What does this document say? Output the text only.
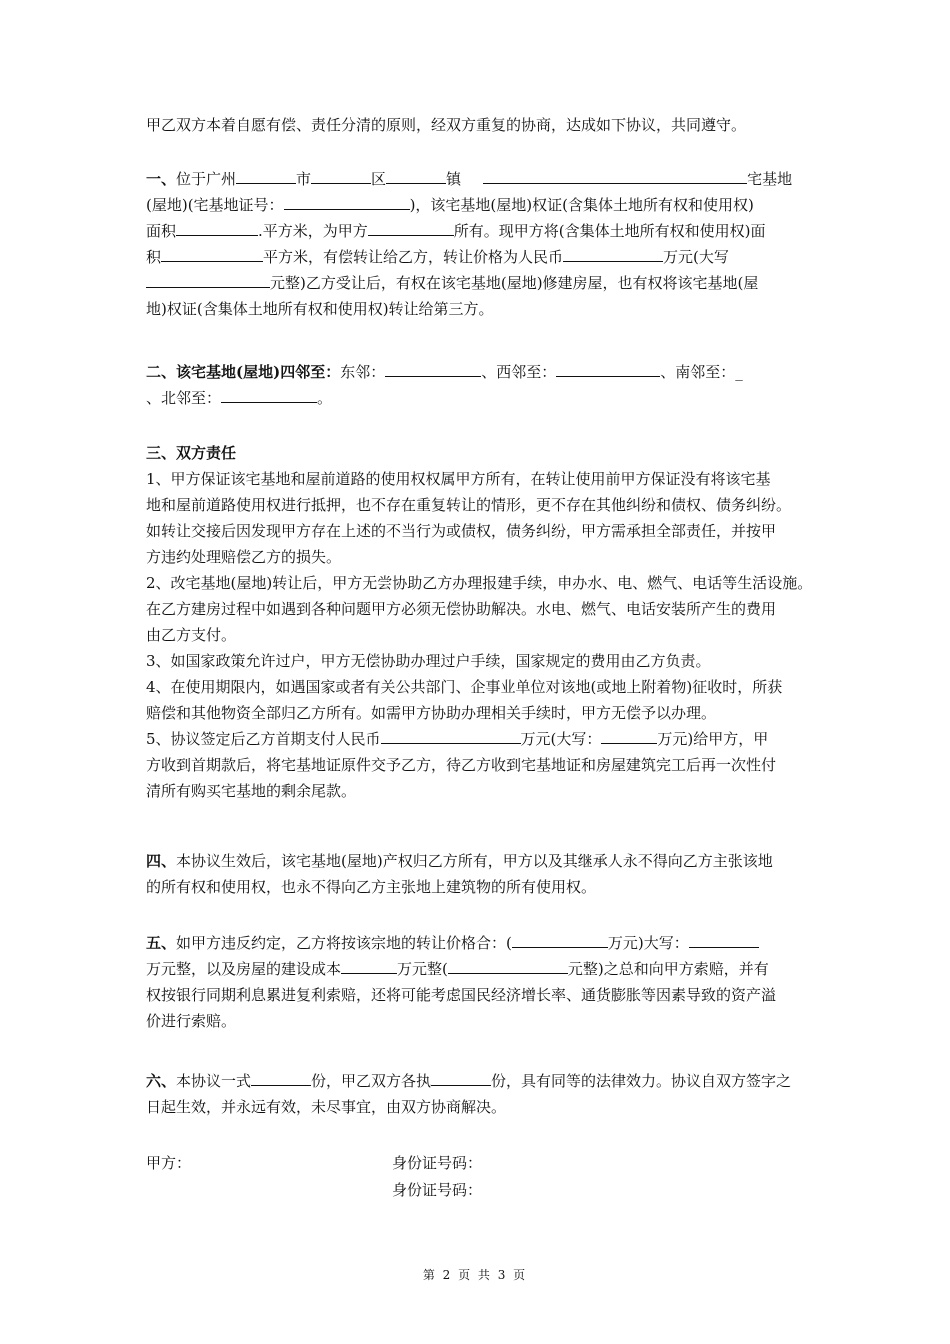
甲乙双方本着自愿有偿、责任分清的原则，经双方重复的协商，达成如下协议，共同遵守。
一、位于广州	市	区	镇	宅基地
(屋地)(宅基地证号：	)，该宅基地(屋地)权证(含集体土地所有权和使用权)
面积	.平方米，为甲方	所有。现甲方将(含集体土地所有权和使用权)面
积	平方米，有偿转让给乙方，转让价格为人民币	万元(大写
元整)乙方受让后，有权在该宅基地(屋地)修建房屋，也有权将该宅基地(屋
地)权证(含集体土地所有权和使用权)转让给第三方。
二、该宅基地(屋地)四邻至：东邻：	、西邻至：	、南邻至：_
、北邻至：	。
三、双方责任
1、甲方保证该宅基地和屋前道路的使用权权属甲方所有，在转让使用前甲方保证没有将该宅基
地和屋前道路使用权进行抵押，也不存在重复转让的情形，更不存在其他纠纷和债权、债务纠纷。
如转让交接后因发现甲方存在上述的不当行为或债权，债务纠纷，甲方需承担全部责任，并按甲
方违约处理赔偿乙方的损失。
2、改宅基地(屋地)转让后，甲方无尝协助乙方办理报建手续，申办水、电、燃气、电话等生活设施。
在乙方建房过程中如遇到各种问题甲方必须无偿协助解决。水电、燃气、电话安装所产生的费用
由乙方支付。
3、如国家政策允许过户，甲方无偿协助办理过户手续，国家规定的费用由乙方负责。
4、在使用期限内，如遇国家或者有关公共部门、企事业单位对该地(或地上附着物)征收时，所获
赔偿和其他物资全部归乙方所有。如需甲方协助办理相关手续时，甲方无偿予以办理。
5、协议签定后乙方首期支付人民币	万元(大写：	万元)给甲方，甲
方收到首期款后，将宅基地证原件交予乙方，待乙方收到宅基地证和房屋建筑完工后再一次性付
清所有购买宅基地的剩余尾款。
四、本协议生效后，该宅基地(屋地)产权归乙方所有，甲方以及其继承人永不得向乙方主张该地
的所有权和使用权，也永不得向乙方主张地上建筑物的所有使用权。
五、如甲方违反约定，乙方将按该宗地的转让价格合：(	万元)大写：
万元整，以及房屋的建设成本	万元整(	元整)之总和向甲方索赔，并有
权按银行同期利息累进复利索赔，还将可能考虑国民经济增长率、通货膨胀等因素导致的资产溢
价进行索赔。
六、本协议一式	份，甲乙双方各执	份，具有同等的法律效力。协议自双方签字之
日起生效，并永远有效，未尽事宜，由双方协商解决。
甲方：	身份证号码：
身份证号码：
第 2 页 共 3 页
